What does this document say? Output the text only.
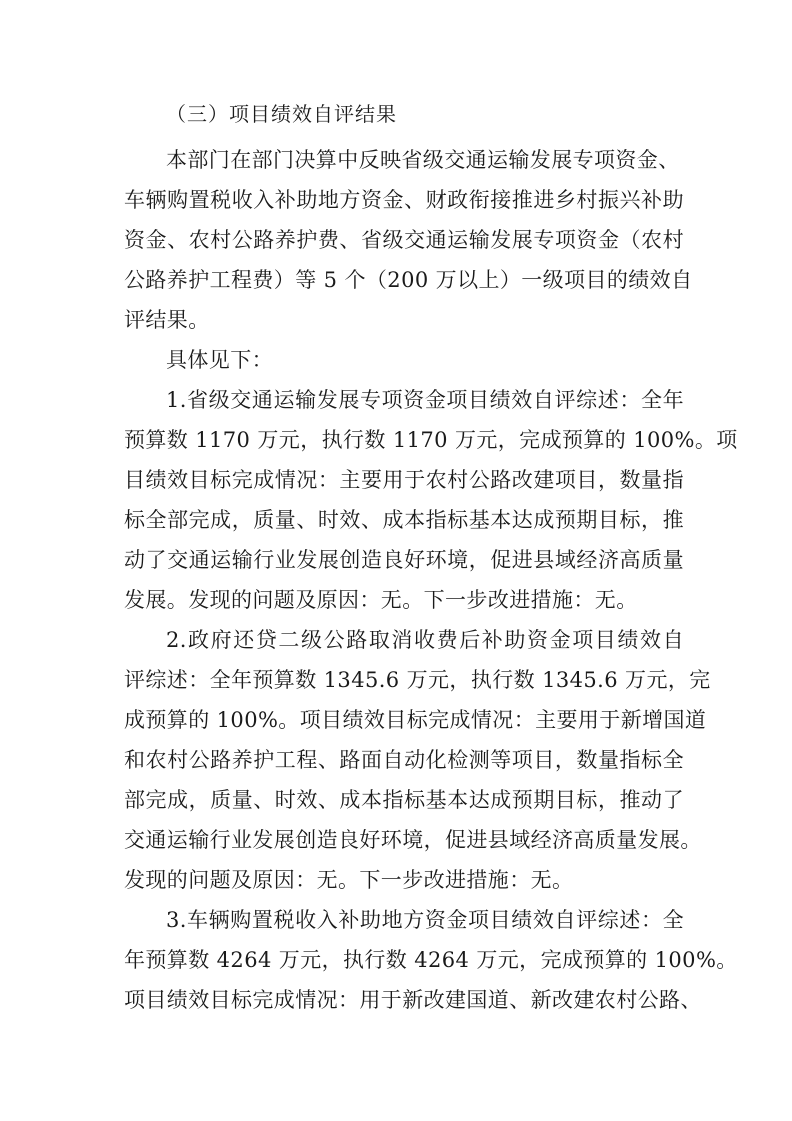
（三）项目绩效自评结果
本部门在部门决算中反映省级交通运输发展专项资金、
车辆购置税收入补助地方资金、财政衔接推进乡村振兴补助
资金、农村公路养护费、省级交通运输发展专项资金（农村
公路养护工程费）等 5 个（200 万以上）一级项目的绩效自
评结果。
具体见下：
1.省级交通运输发展专项资金项目绩效自评综述：全年
预算数 1170 万元，执行数 1170 万元，完成预算的 100%。项
目绩效目标完成情况：主要用于农村公路改建项目，数量指
标全部完成，质量、时效、成本指标基本达成预期目标，推
动了交通运输行业发展创造良好环境，促进县域经济高质量
发展。发现的问题及原因：无。下一步改进措施：无。
2.政府还贷二级公路取消收费后补助资金项目绩效自
评综述：全年预算数 1345.6 万元，执行数 1345.6 万元，完
成预算的 100%。项目绩效目标完成情况：主要用于新增国道
和农村公路养护工程、路面自动化检测等项目，数量指标全
部完成，质量、时效、成本指标基本达成预期目标，推动了
交通运输行业发展创造良好环境，促进县域经济高质量发展。
发现的问题及原因：无。下一步改进措施：无。
3.车辆购置税收入补助地方资金项目绩效自评综述：全
年预算数 4264 万元，执行数 4264 万元，完成预算的 100%。
项目绩效目标完成情况：用于新改建国道、新改建农村公路、
